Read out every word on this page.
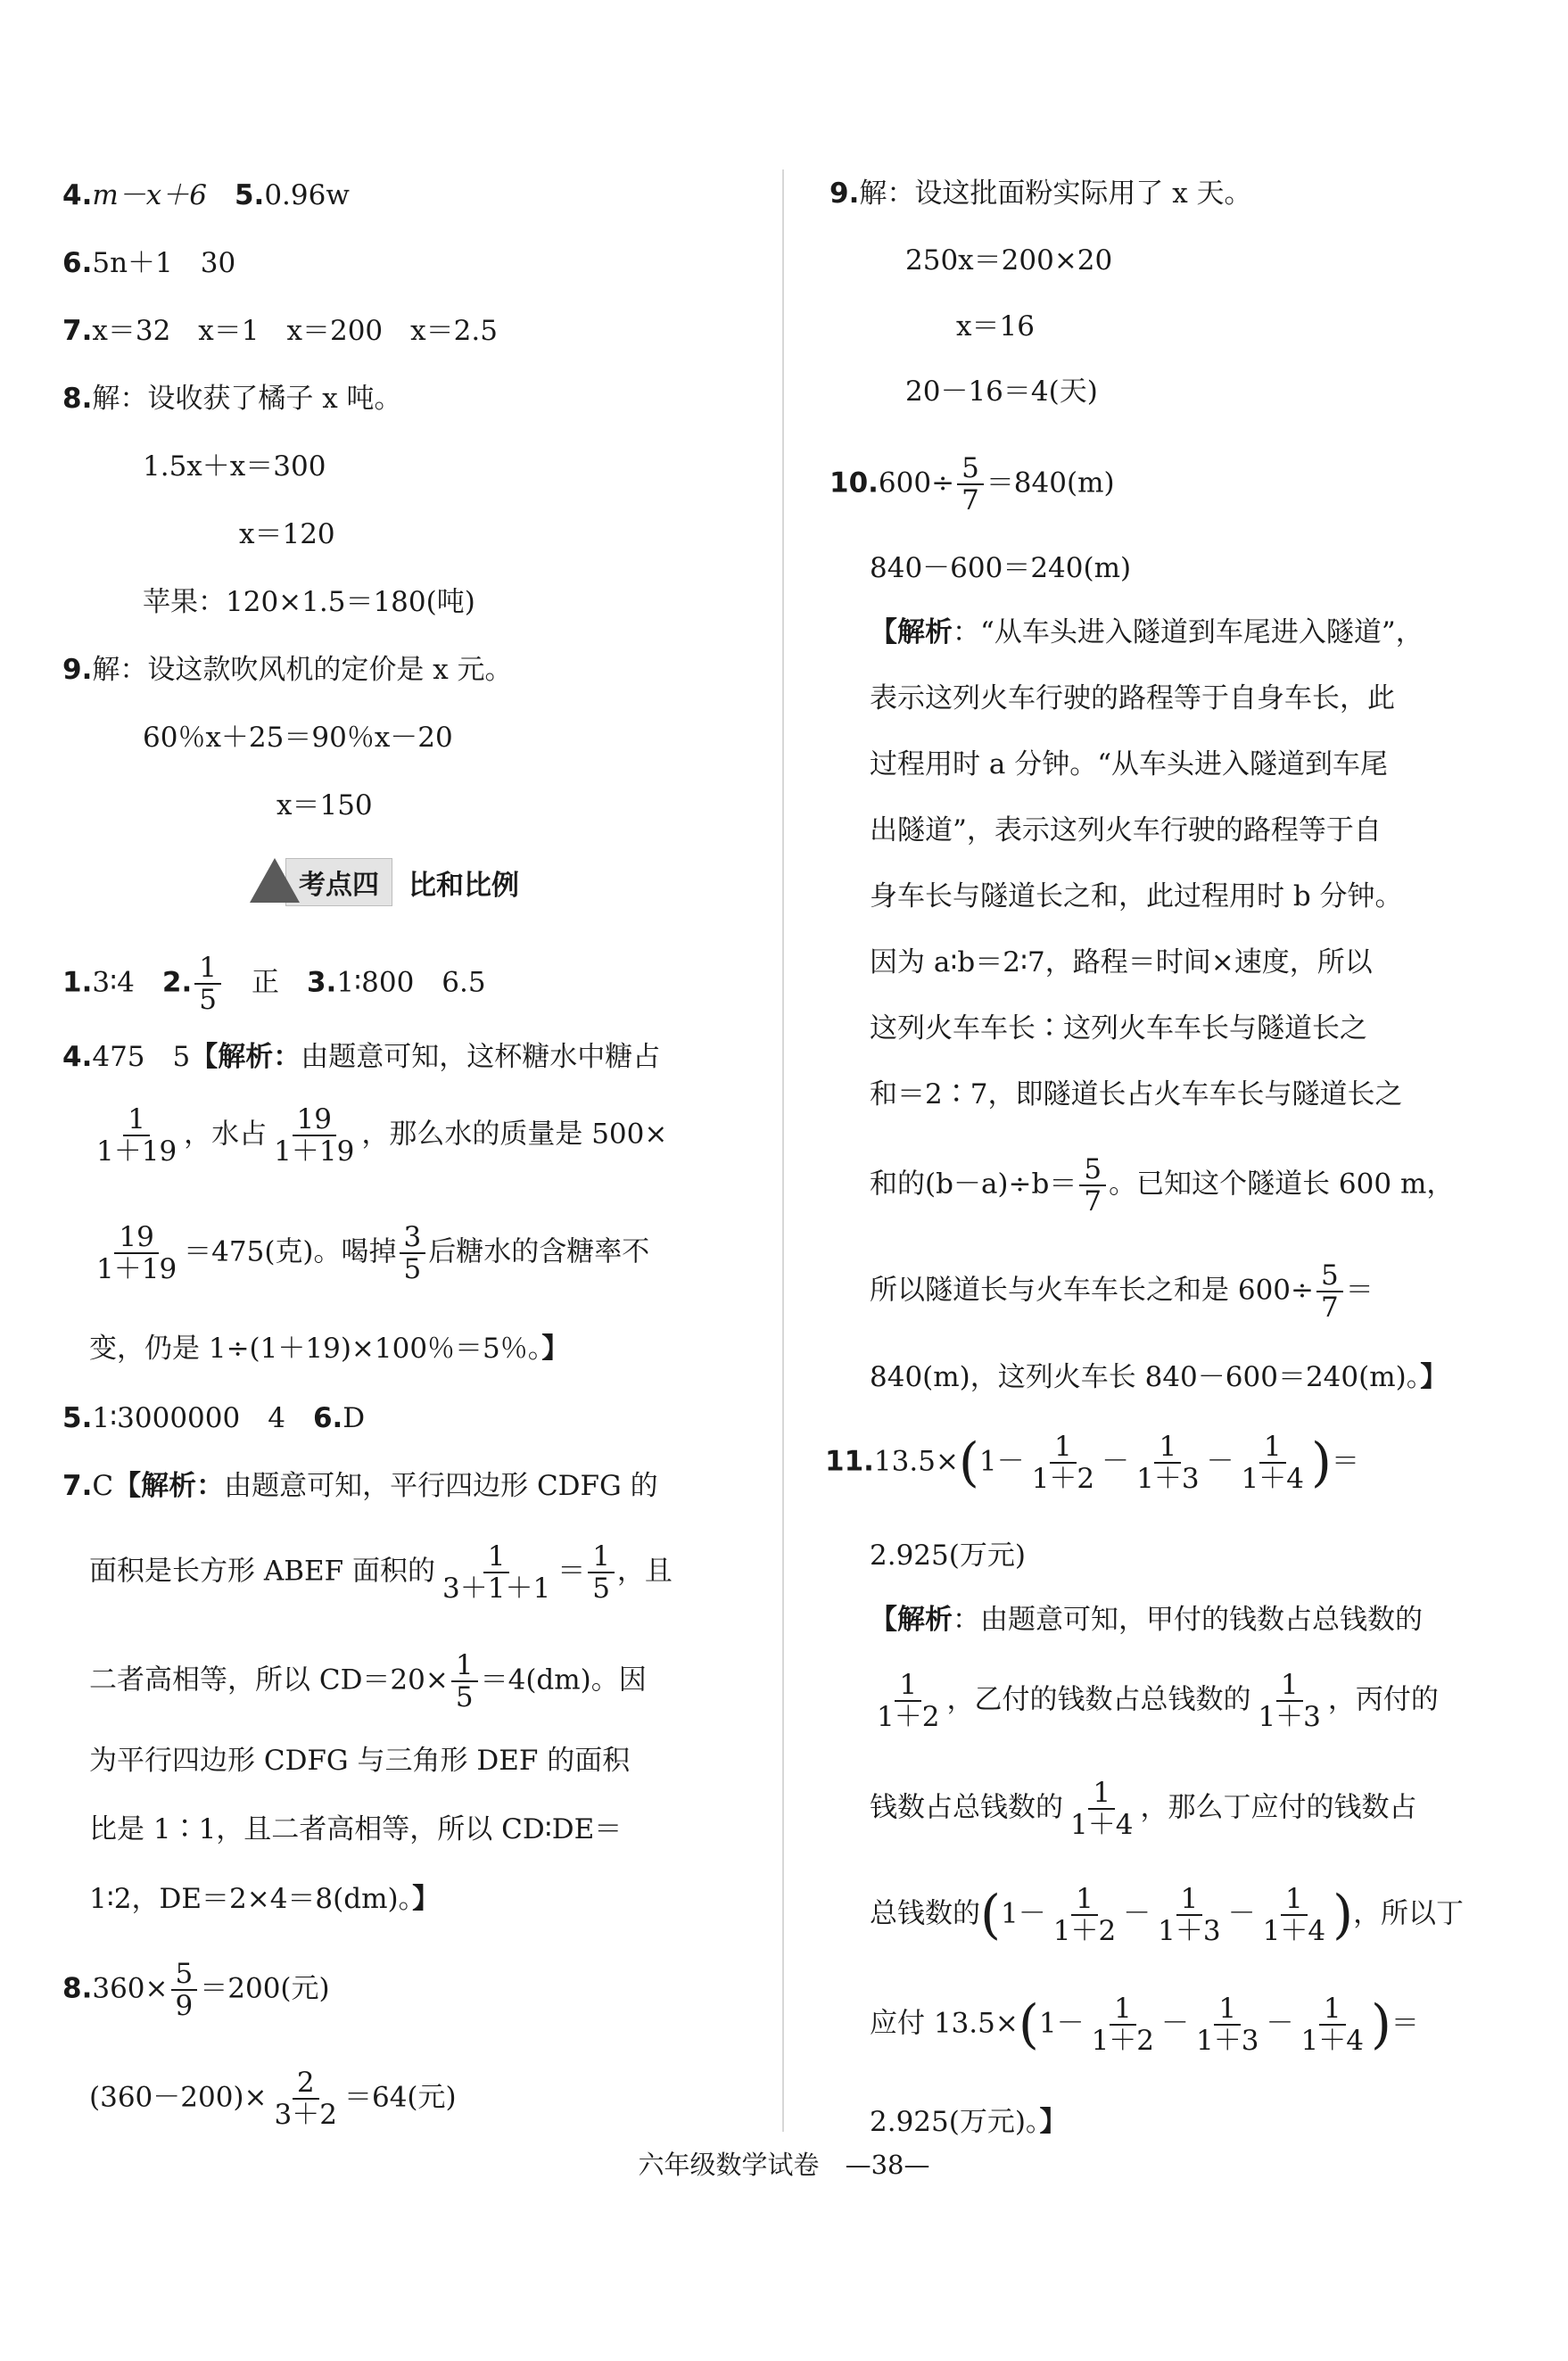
4.m－x＋6　 5.0.96w
6.5n＋1　30
7.x＝32　x＝1　x＝200　x＝2.5
8.解：设收获了橘子 x 吨。
1.5x＋x＝300
x＝120
苹果：120×1.5＝180(吨)
9.解：设这款吹风机的定价是 x 元。
60％x＋25＝90％x－20
x＝150
考点四	比和比例
1.3∶4　 2. $\frac{1}{5}$
　 正　 3.1∶800　6.5
4.475　5【解析：由题意可知，这杯糖水中糖占
$\frac{1}{1+19}$ ，水占 $\frac{19}{1+19}$ ，那么水的质量是 500×
$\frac{19}{1+19} =475$(克)。喝掉 $\frac{3}{5}$ 后糖水的含糖率不
变，仍是 1÷(1＋19)×100％＝5％。】
5.1∶3000000　4　 6.D
7.C【解析：由题意可知，平行四边形 CDFG 的
面积是长方形 ABEF 面积的 $\frac{1}{3+1+1} = \frac{1}{5}$ ，且
二者高相等，所以 $CD=20\times \frac{1}{5} =4(dm)$。因
为平行四边形 CDFG 与三角形 DEF 的面积
比是 1∶1，且二者高相等，所以 CD∶DE＝
1∶2，DE＝2×4＝8(dm)。】
$8.360\times \frac{5}{9} =200$(元)
$(360-200)\times \frac{2}{3+2} =64$(元)
9.解：设这批面粉实际用了 x 天。
250x＝200×20
x＝16
20－16＝4(天)
$10.600\div \frac{5}{7} =840(m)$
840－600＝240(m)
【解析：“从车头进入隧道到车尾进入隧道”，
表示这列火车行驶的路程等于自身车长，此
过程用时 a 分钟。“从车头进入隧道到车尾
出隧道”，表示这列火车行驶的路程等于自
身车长与隧道长之和，此过程用时 b 分钟。
因为 a∶b＝2∶7，路程＝时间×速度，所以
这列火车车长∶这列火车车长与隧道长之
和＝2∶7，即隧道长占火车车长与隧道长之
和的$(b-a)\div b= \frac{5}{7}$ 。已知这个隧道长 600 m，
所以隧道长与火车车长之和是 $600\div \frac{5}{7}$ ＝
840(m)，这列火车长 840－600＝240(m)。】
$11.13.5\times(1- \frac{1}{1+2} - \frac{1}{1+3} - \frac{1}{1+4}$ )＝
2.925(万元)
【解析：由题意可知，甲付的钱数占总钱数的
$\frac{1}{1+2}$ ，乙付的钱数占总钱数的 $\frac{1}{1+3}$ ，丙付的
钱数占总钱数的 $\frac{1}{1+4}$ ，那么丁应付的钱数占
总钱数的($1- \frac{1}{1+2} - \frac{1}{1+3} - \frac{1}{1+4}$ )，所以丁
应付 $13.5\times(1- \frac{1}{1+2} - \frac{1}{1+3} - \frac{1}{1+4}$ )＝
2.925(万元)。】
六年级数学试卷　 —38—
